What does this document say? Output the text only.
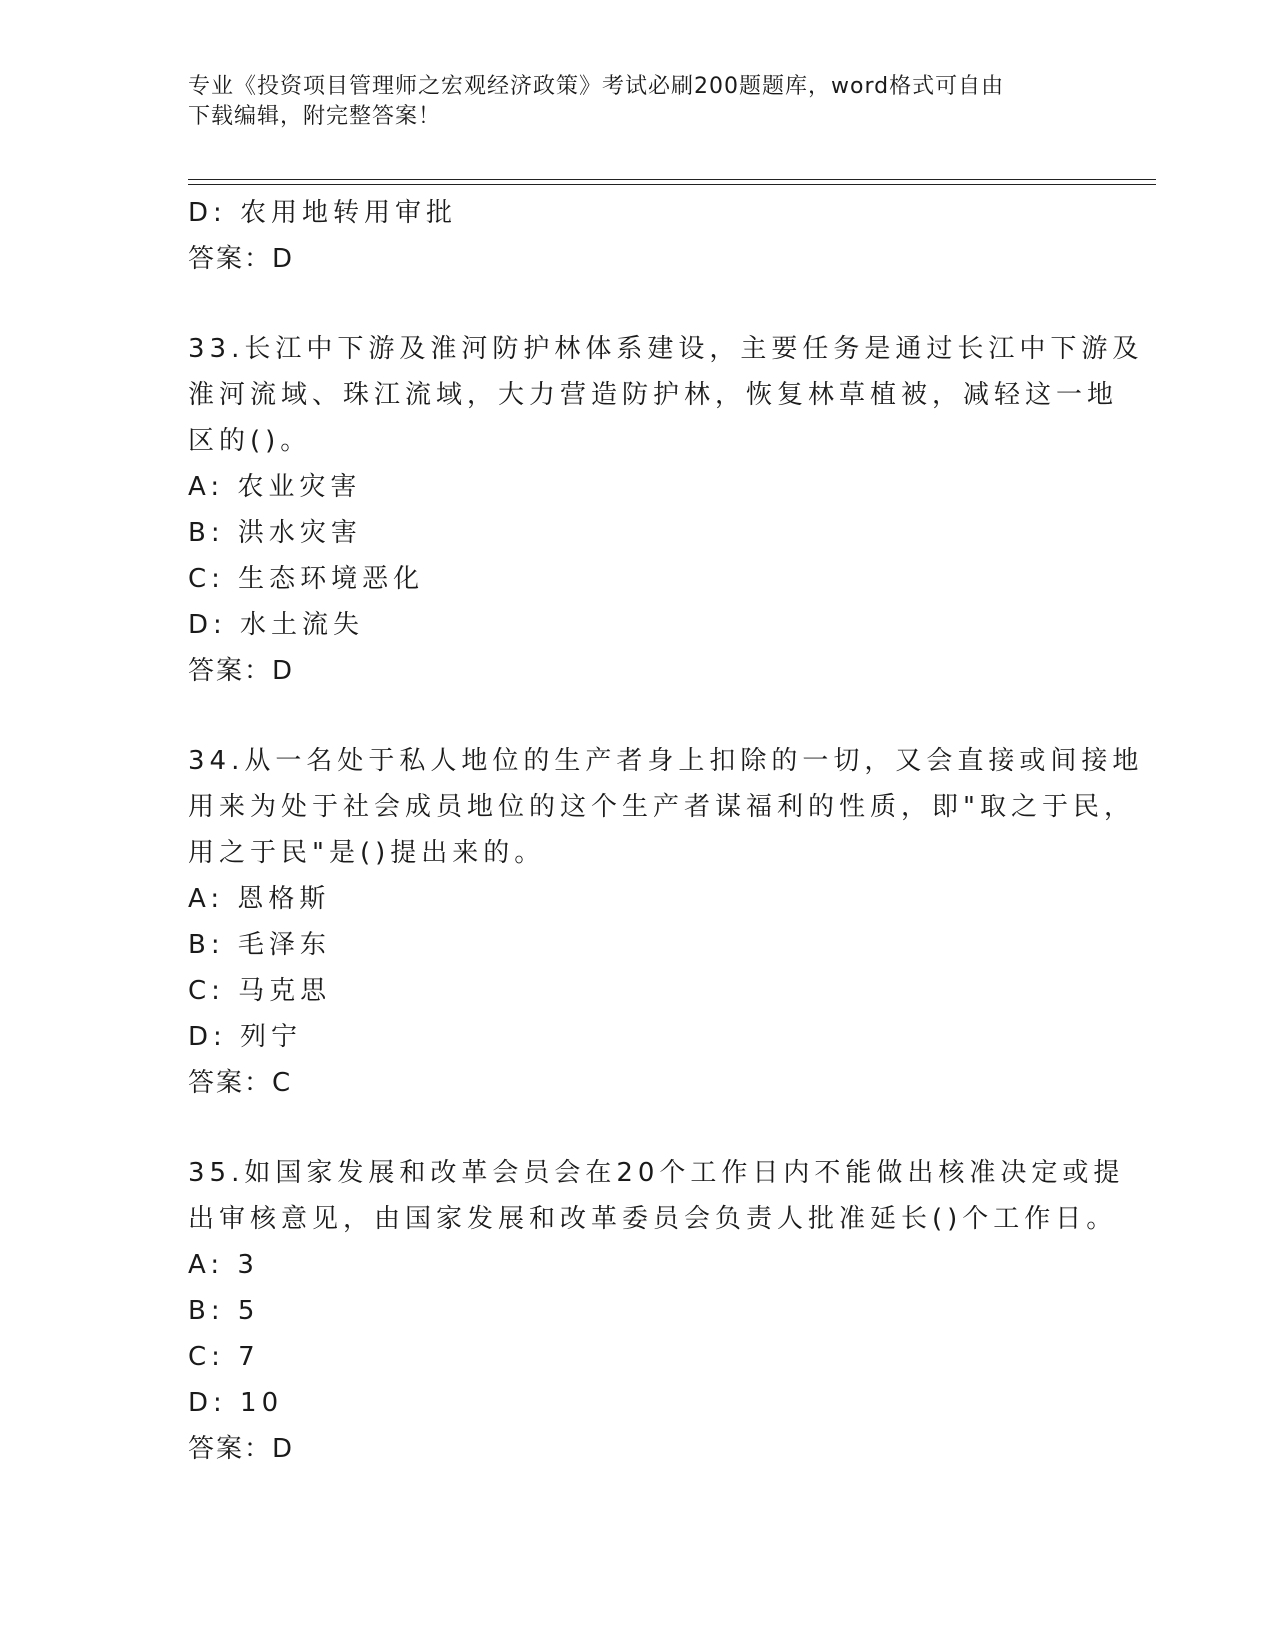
专业《投资项目管理师之宏观经济政策》考试必刷200题题库，word格式可自由
下载编辑，附完整答案！
D: 农用地转用审批
答案：D
33.长江中下游及淮河防护林体系建设，主要任务是通过长江中下游及
淮河流域、珠江流域，大力营造防护林，恢复林草植被，减轻这一地
区的()。
A: 农业灾害
B: 洪水灾害
C: 生态环境恶化
D: 水土流失
答案：D
34.从一名处于私人地位的生产者身上扣除的一切，又会直接或间接地
用来为处于社会成员地位的这个生产者谋福利的性质，即"取之于民，
用之于民"是()提出来的。
A: 恩格斯
B: 毛泽东
C: 马克思
D: 列宁
答案：C
35.如国家发展和改革会员会在20个工作日内不能做出核准决定或提
出审核意见，由国家发展和改革委员会负责人批准延长()个工作日。
A: 3
B: 5
C: 7
D: 10
答案：D
